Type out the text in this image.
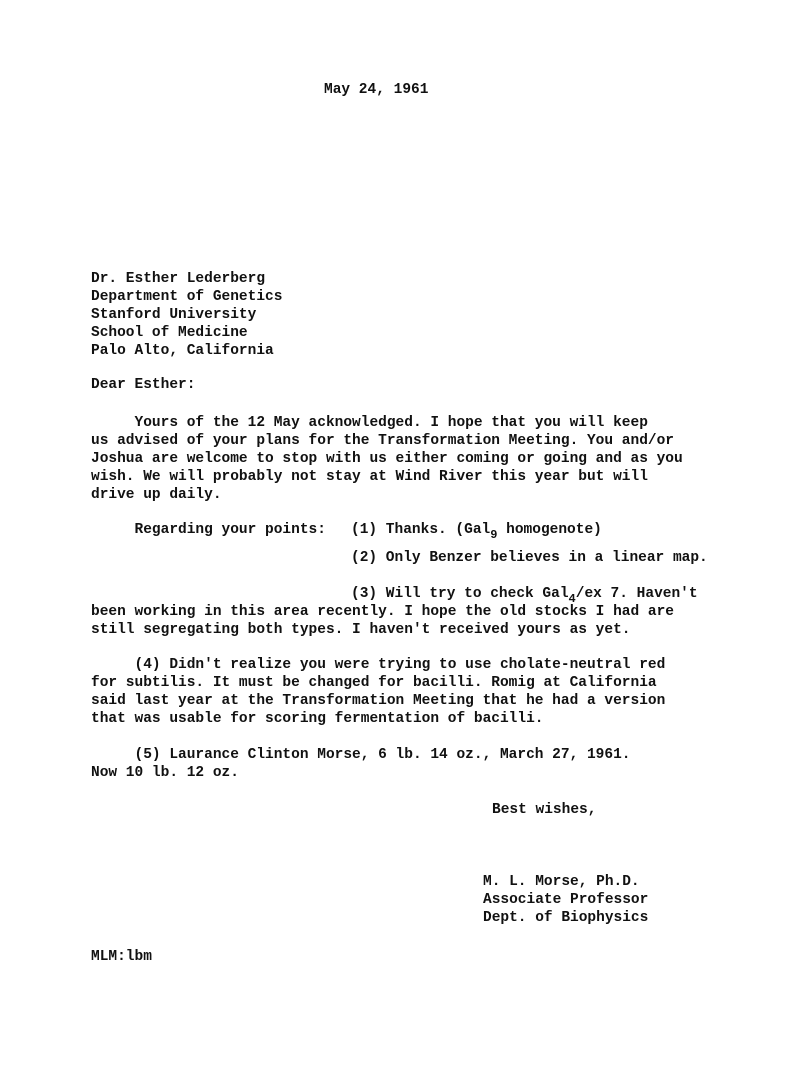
May 24, 1961
Dr. Esther Lederberg
Department of Genetics
Stanford University
School of Medicine
Palo Alto, California
Dear Esther:
Yours of the 12 May acknowledged. I hope that you will keep
us advised of your plans for the Transformation Meeting. You and/or
Joshua are welcome to stop with us either coming or going and as you
wish. We will probably not stay at Wind River this year but will
drive up daily.
Regarding your points: (1) Thanks. (Gal$_9$ homogenote)
(2) Only Benzer believes in a linear map.
(3) Will try to check Gal$_4$/ex 7. Haven't
been working in this area recently. I hope the old stocks I had are
still segregating both types. I haven't received yours as yet.
(4) Didn't realize you were trying to use cholate-neutral red
for subtilis. It must be changed for bacilli. Romig at California
said last year at the Transformation Meeting that he had a version
that was usable for scoring fermentation of bacilli.
(5) Laurance Clinton Morse, 6 lb. 14 oz., March 27, 1961.
Now 10 lb. 12 oz.
Best wishes,
M. L. Morse, Ph.D.
Associate Professor
Dept. of Biophysics
MLM:lbm
